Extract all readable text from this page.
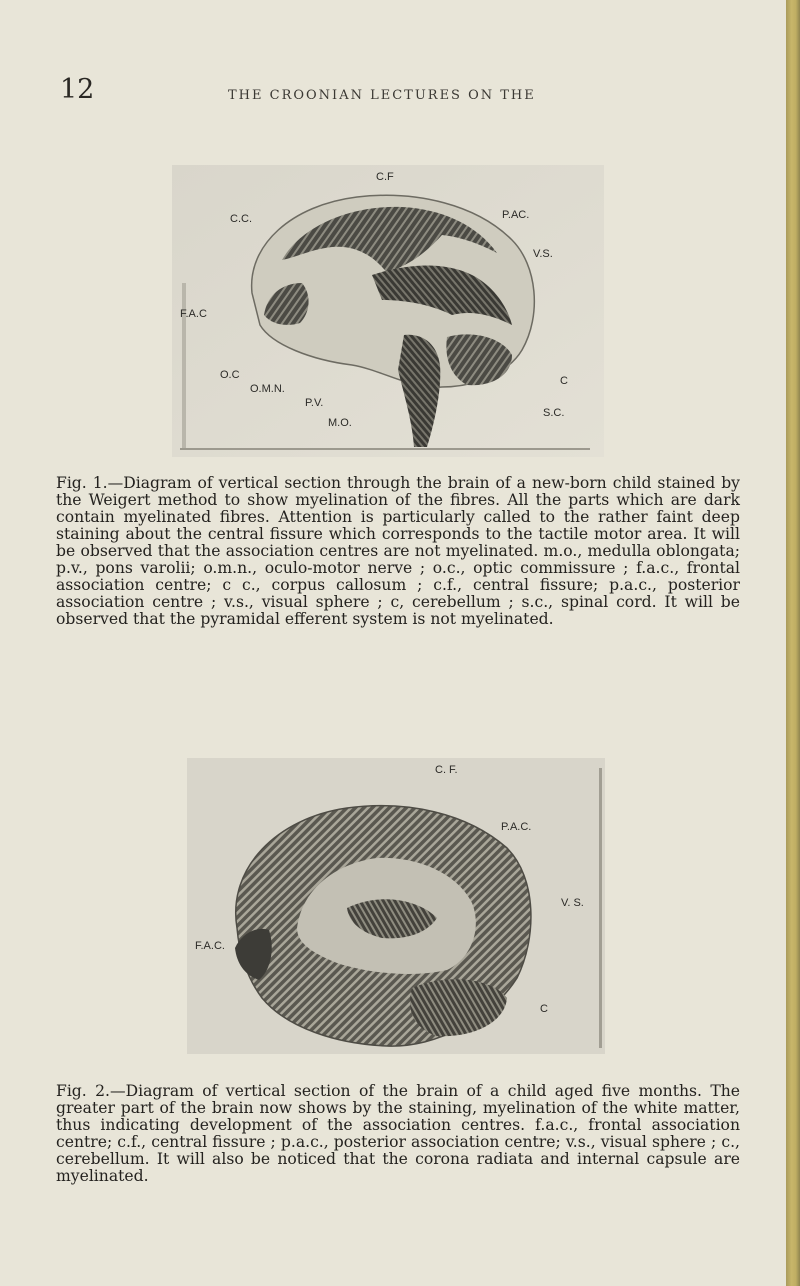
12	THE CROONIAN LECTURES ON THE
C.F
C.C.	P.AC.
V.S.
F.A.C
O.C
O.M.N.
C
P.V.
S.C.
M.O.

Fig. 1.—Diagram of vertical section through the brain of a new-born child stained by the Weigert method to show myelination of the fibres. All the parts which are dark contain myelinated fibres. Attention is particularly called to the rather faint deep staining about the central fissure which corresponds to the tactile motor area. It will be observed that the association centres are not myelinated. m.o., medulla oblongata; p.v., pons varolii; o.m.n., oculo-motor nerve ; o.c., optic commissure ; f.a.c., frontal association centre; c c., corpus callosum ; c.f., central fissure; p.a.c., posterior association centre ; v.s., visual sphere ; c, cerebellum ; s.c., spinal cord. It will be observed that the pyramidal efferent system is not myelinated.

C. F.
P.A.C.
V. S.
F.A.C.
C

Fig. 2.—Diagram of vertical section of the brain of a child aged five months. The greater part of the brain now shows by the staining, myelination of the white matter, thus indicating development of the association centres. f.a.c., frontal association centre; c.f., central fissure ; p.a.c., posterior association centre; v.s., visual sphere ; c., cerebellum. It will also be noticed that the corona radiata and internal capsule are myelinated.
